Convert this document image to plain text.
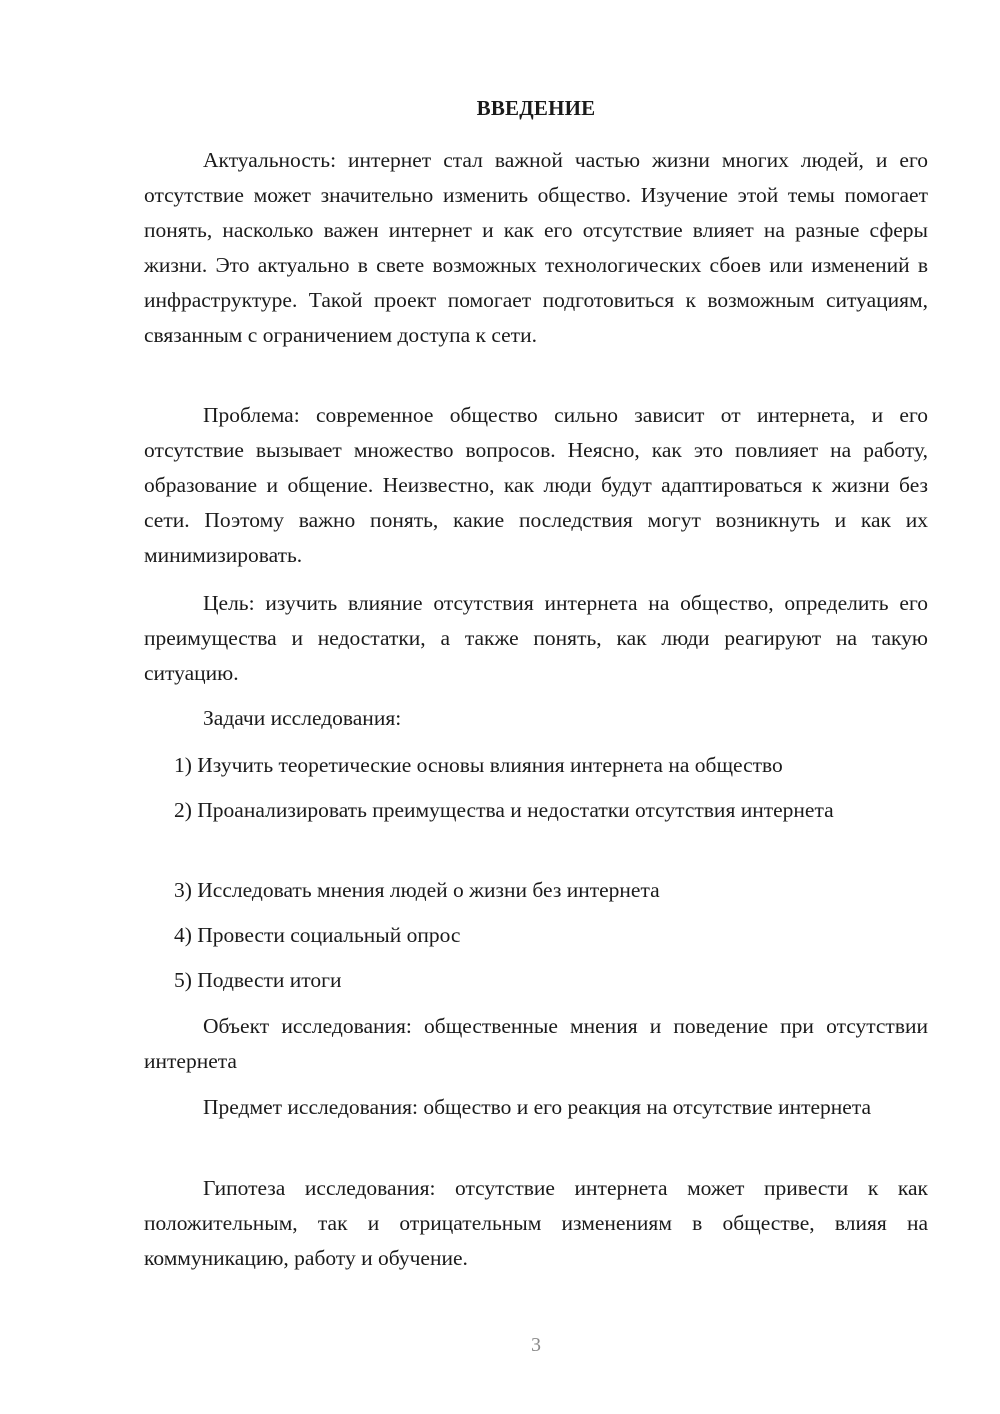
ВВЕДЕНИЕ

Актуальность: интернет стал важной частью жизни многих людей, и его отсутствие может значительно изменить общество. Изучение этой темы помогает понять, насколько важен интернет и как его отсутствие влияет на разные сферы жизни. Это актуально в свете возможных технологических сбоев или изменений в инфраструктуре. Такой проект помогает подготовиться к возможным ситуациям, связанным с ограничением доступа к сети.

Проблема: современное общество сильно зависит от интернета, и его отсутствие вызывает множество вопросов. Неясно, как это повлияет на работу, образование и общение. Неизвестно, как люди будут адаптироваться к жизни без сети. Поэтому важно понять, какие последствия могут возникнуть и как их минимизировать.

Цель: изучить влияние отсутствия интернета на общество, определить его преимущества и недостатки, а также понять, как люди реагируют на такую ситуацию.

Задачи исследования:

1) Изучить теоретические основы влияния интернета на общество

2) Проанализировать преимущества и недостатки отсутствия интернета

3) Исследовать мнения людей о жизни без интернета

4) Провести социальный опрос

5) Подвести итоги

Объект исследования: общественные мнения и поведение при отсутствии интернета

Предмет исследования: общество и его реакция на отсутствие интернета

Гипотеза исследования: отсутствие интернета может привести к как положительным, так и отрицательным изменениям в обществе, влияя на коммуникацию, работу и обучение.

3
